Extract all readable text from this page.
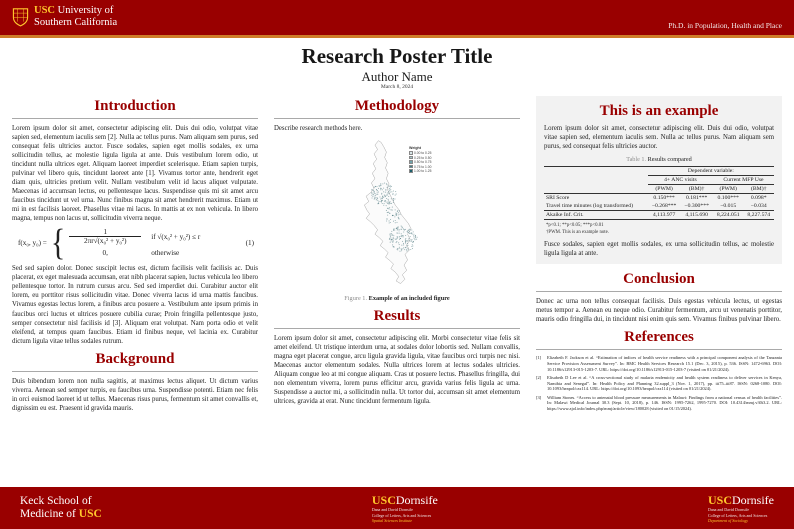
USC University of
Southern California	Ph.D. in Population, Health and Place
Research Poster Title
Author Name
March 8, 2024
Introduction

Lorem ipsum dolor sit amet, consectetur adipiscing elit. Duis dui odio, volutpat vitae sapien sed, elementum iaculis sem [2]. Nulla ac tellus purus. Nam aliquam sem purus, sed consequat felis ultricies auctor. Fusce sodales, sapien eget mollis sodales, ex urna sollicitudin tellus, ac molestie ligula ligula at ante. Duis vestibulum lorem odio, ut tincidunt nulla ultrices eget. Aliquam laoreet imperdiet scelerisque. Etiam sapien turpis, pulvinar vel libero quis, tincidunt laoreet ante [1]. Vivamus tortor ante, hendrerit eget diam quis, ultricies pretium velit. Nullam vestibulum velit id lacus aliquet vulputate. Maecenas id accumsan lectus, eu pellentesque lacus. Suspendisse quis mi sit amet arcu faucibus tincidunt ut vel urna. Nunc finibus magna sit amet hendrerit maximus. Etiam ut mi in est facilisis laoreet. Phasellus vitae mi lacus. In mattis at ex non vehicula. In libero magna, tempus non lacus ut, sollicitudin viverra neque.

f(x₀, y₀) = { $\frac{1}{\text{2πr√(x₀² + y₀²)}}$ if √(x₀² + y₀²) ≤ r
0,	otherwise
(1)

Sed sed sapien dolor. Donec suscipit lectus est, dictum facilisis velit facilisis ac. Duis placerat, ex eget malesuada accumsan, erat nibh placerat sapien, luctus vehicula leo libero pellentesque tortor. In rutrum cursus arcu. Sed sed imperdiet dui. Curabitur auctor elit lorem, eu porttitor risus sollicitudin vitae. Donec viverra lacus id urna mattis faucibus. Vivamus egestas lectus lorem, a finibus arcu posuere a. Vestibulum ante ipsum primis in faucibus orci luctus et ultrices posuere cubilia curae; Proin fringilla pellentesque justo, semper consectetur nisl facilisis id [3]. Aliquam erat volutpat. Nam porta odio et velit eleifend, at tempus quam faucibus. Etiam id finibus neque, vel lacinia ex. Curabitur dictum ligula vitae tellus sodales rutrum.

Background

Duis bibendum lorem non nulla sagittis, at maximus lectus aliquet. Ut dictum varius viverra. Aenean sed semper turpis, eu faucibus urna. Suspendisse potenti. Etiam nec felis in orci euismod laoreet id ut tellus. Maecenas risus purus, fermentum sit amet convallis et, dignissim eu est. Praesent id gravida mauris.

Methodology

Describe research methods here.

Weight
0.00 to 0.25
0.25 to 0.50
0.50 to 0.75
0.75 to 1.00
1.00 to 1.25
Figure 1. Example of an included figure
Results

Lorem ipsum dolor sit amet, consectetur adipiscing elit. Morbi consectetur vitae felis sit amet eleifend. Ut tristique interdum urna, at sodales dolor lobortis sed. Nullam convallis, magna eget placerat congue, arcu ligula gravida ligula, vitae faucibus orci turpis nec nisi. Maecenas auctor elementum sodales. Nulla ultrices lorem at lectus sodales ultricies. Aliquam congue leo at mi congue aliquam. Cras ut posuere lectus. Phasellus fringilla, dui non elementum viverra, lorem purus efficitur arcu, gravida varius felis ligula ac urna. Suspendisse a auctor mi, a sollicitudin nulla. Ut tortor dui, accumsan sit amet elementum ultrices, gravida at erat. Nunc tincidunt fermentum ligula.

This is an example

Lorem ipsum dolor sit amet, consectetur adipiscing elit. Duis dui odio, volutpat vitae sapien sed, elementum iaculis sem. Nulla ac tellus purus. Nam aliquam sem purus, sed consequat felis ultricies auctor.

Table 1. Results compared
	Dependent variable:			
	4+ ANC visits		Current MFP Use	
	(PWM)	(BM)†	(PWM)	(BM)†
SRI Score	0.150***	0.181***	0.100***	0.098*
Travel time minutes (log transformed)	−0.268***	−0.300***	−0.015	−0.034
Akaike Inf. Crit.	4,113.977	4,115.690	8,224.051	8,227.574
*p<0.1; **p<0.05; ***p<0.01
†PWM. This is an example note.

Fusce sodales, sapien eget mollis sodales, ex urna sollicitudin tellus, ac molestie ligula ligula at ante.

Conclusion

Donec ac urna non tellus consequat facilisis. Duis egestas vehicula lectus, ut egestas metus tempor a. Aenean eu neque odio. Curabitur fermentum, arcu ut venenatis porttitor, mauris odio fringilla dui, in tincidunt nisi enim quis sem. Vivamus finibus pulvinar libero.

References
[1]	Elizabeth F. Jackson et al. “Estimation of indices of health service readiness with a principal component analysis of the Tanzania Service Provision Assessment Survey”. In: BMC Health Services Research 15.1 (Dec. 3, 2015), p. 536. ISSN: 1472-6963. DOI: 10.1186/s12913-015-1203-7. URL: https://doi.org/10.1186/s12913-015-1203-7 (visited on 01/21/2024).
[2]	Elisabeth D Lee et al. “A cross-sectional study of malaria endemicity and health system readiness to deliver services in Kenya, Namibia and Senegal”. In: Health Policy and Planning 32.suppl_3 (Nov. 1, 2017), pp. iii75–iii87. ISSN: 0268-1080. DOI: 10.1093/heapol/czx114. URL: https://doi.org/10.1093/heapol/czx114 (visited on 01/21/2024).
[3]	William Stones. “Access to antenatal blood pressure measurements in Malawi: Findings from a national census of health facilities”. In: Malawi Medical Journal 30.3 (Sept. 10, 2018), p. 146. ISSN: 1995-7262, 1995-7270. DOI: 10.4314/mmj.v30i3.2. URL: https://www.ajol.info/index.php/mmj/article/view/180028 (visited on 01/15/2024).
Keck School of
Medicine of USC
USCDornsife
Dana and David Dornsife
College of Letters, Arts and Sciences
Spatial Sciences Institute
USCDornsife
Dana and David Dornsife
College of Letters, Arts and Sciences
Department of Sociology
